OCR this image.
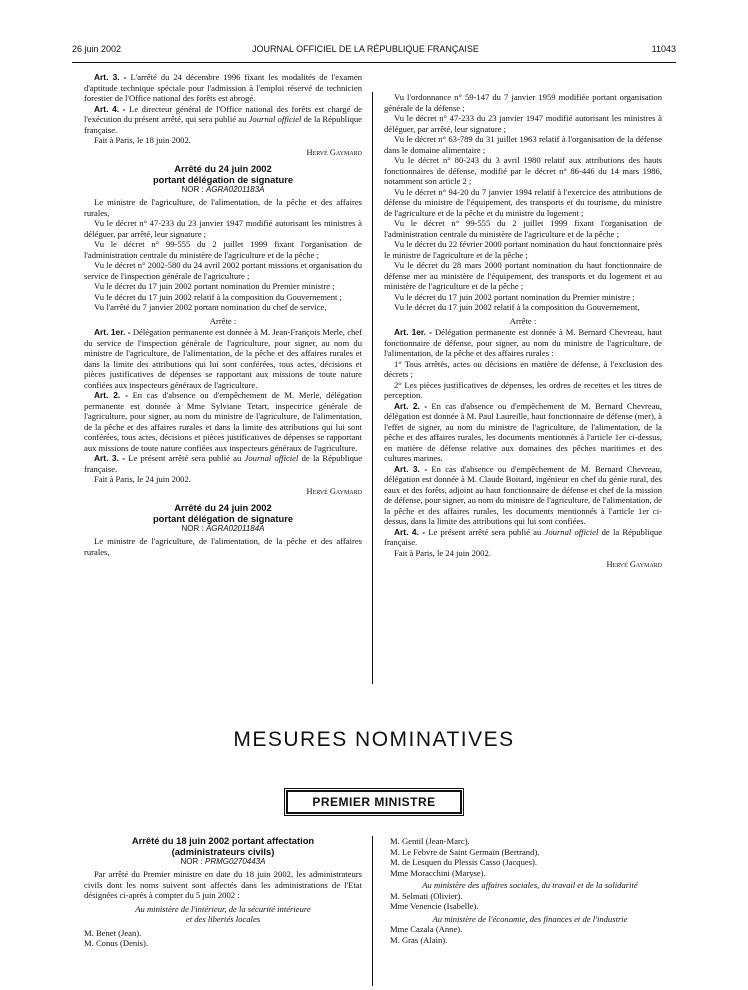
26 juin 2002	JOURNAL OFFICIEL DE LA RÉPUBLIQUE FRANÇAISE	11043

Art. 3. - L'arrêté du 24 décembre 1996 fixant les modalités de l'examen d'aptitude technique spéciale pour l'admission à l'emploi réservé de technicien forestier de l'Office national des forêts est abrogé.

Art. 4. - Le directeur général de l'Office national des forêts est chargé de l'exécution du présent arrêté, qui sera publié au Journal officiel de la République française.

Fait à Paris, le 18 juin 2002.

Hervé Gaymard
Arrêté du 24 juin 2002
portant délégation de signature
NOR : AGRA0201183A

Le ministre de l'agriculture, de l'alimentation, de la pêche et des affaires rurales,

Vu le décret n° 47-233 du 23 janvier 1947 modifié autorisant les ministres à déléguer, par arrêté, leur signature ;

Vu le décret n° 99-555 du 2 juillet 1999 fixant l'organisation de l'administration centrale du ministère de l'agriculture et de la pêche ;

Vu le décret n° 2002-580 du 24 avril 2002 portant missions et organisation du service de l'inspection générale de l'agriculture ;

Vu le décret du 17 juin 2002 portant nomination du Premier ministre ;

Vu le décret du 17 juin 2002 relatif à la composition du Gouvernement ;

Vu l'arrêté du 7 janvier 2002 portant nomination du chef de service,

Arrête :

Art. 1er. - Délégation permanente est donnée à M. Jean-François Merle, chef du service de l'inspection générale de l'agriculture, pour signer, au nom du ministre de l'agriculture, de l'alimentation, de la pêche et des affaires rurales et dans la limite des attributions qui lui sont conférées, tous actes, décisions et pièces justificatives de dépenses se rapportant aux missions de toute nature confiées aux inspecteurs généraux de l'agriculture.

Art. 2. - En cas d'absence ou d'empêchement de M. Merle, délégation permanente est donnée à Mme Sylviane Tetart, inspectrice générale de l'agriculture, pour signer, au nom du ministre de l'agriculture, de l'alimentation, de la pêche et des affaires rurales et dans la limite des attributions qui lui sont conférées, tous actes, décisions et pièces justificatives de dépenses se rapportant aux missions de toute nature confiées aux inspecteurs généraux de l'agriculture.

Art. 3. - Le présent arrêté sera publié au Journal officiel de la République française.

Fait à Paris, le 24 juin 2002.

Hervé Gaymard
Arrêté du 24 juin 2002
portant délégation de signature
NOR : AGRA0201184A

Le ministre de l'agriculture, de l'alimentation, de la pêche et des affaires rurales,

Vu l'ordonnance n° 59-147 du 7 janvier 1959 modifiée portant organisation générale de la défense ;

Vu le décret n° 47-233 du 23 janvier 1947 modifié autorisant les ministres à déléguer, par arrêté, leur signature ;

Vu le décret n° 63-789 du 31 juillet 1963 relatif à l'organisation de la défense dans le domaine alimentaire ;

Vu le décret n° 80-243 du 3 avril 1980 relatif aux attributions des hauts fonctionnaires de défense, modifié par le décret n° 86-446 du 14 mars 1986, notamment son article 2 ;

Vu le décret n° 94-20 du 7 janvier 1994 relatif à l'exercice des attributions de défense du ministre de l'équipement, des transports et du tourisme, du ministre de l'agriculture et de la pêche et du ministre du logement ;

Vu le décret n° 99-555 du 2 juillet 1999 fixant l'organisation de l'administration centrale du ministère de l'agriculture et de la pêche ;

Vu le décret du 22 février 2000 portant nomination du haut fonctionnaire près le ministre de l'agriculture et de la pêche ;

Vu le décret du 28 mars 2000 portant nomination du haut fonctionnaire de défense mer au ministère de l'équipement, des transports et du logement et au ministère de l'agriculture et de la pêche ;

Vu le décret du 17 juin 2002 portant nomination du Premier ministre ;

Vu le décret du 17 juin 2002 relatif à la composition du Gouvernement,

Arrête :

Art. 1er. - Délégation permanente est donnée à M. Bernard Chevreau, haut fonctionnaire de défense, pour signer, au nom du ministre de l'agriculture, de l'alimentation, de la pêche et des affaires rurales :

1° Tous arrêtés, actes ou décisions en matière de défense, à l'exclusion des décrets ;

2° Les pièces justificatives de dépenses, les ordres de recettes et les titres de perception.

Art. 2. - En cas d'absence ou d'empêchement de M. Bernard Chevreau, délégation est donnée à M. Paul Laureille, haut fonctionnaire de défense (mer), à l'effet de signer, au nom du ministre de l'agriculture, de l'alimentation, de la pêche et des affaires rurales, les documents mentionnés à l'article 1er ci-dessus, en matière de défense relative aux domaines des pêches maritimes et des cultures marines.

Art. 3. - En cas d'absence ou d'empêchement de M. Bernard Chevreau, délégation est donnée à M. Claude Boitard, ingénieur en chef du génie rural, des eaux et des forêts, adjoint au haut fonctionnaire de défense et chef de la mission de défense, pour signer, au nom du ministre de l'agriculture, de l'alimentation, de la pêche et des affaires rurales, les documents mentionnés à l'article 1er ci-dessus, dans la limite des attributions qui lui sont confiées.

Art. 4. - Le présent arrêté sera publié au Journal officiel de la République française.

Fait à Paris, le 24 juin 2002.

Hervé Gaymard
MESURES NOMINATIVES
PREMIER MINISTRE
Arrêté du 18 juin 2002 portant affectation
(administrateurs civils)
NOR : PRMG0270443A

Par arrêté du Premier ministre en date du 18 juin 2002, les administrateurs civils dont les noms suivent sont affectés dans les administrations de l'Etat désignées ci-après à compter du 5 juin 2002 :

Au ministère de l'intérieur, de la sécurité intérieure

et des libertés locales

M. Benet (Jean).

M. Conus (Denis).

M. Gentil (Jean-Marc).

M. Le Febvre de Saint Germain (Bertrand).

M. de Lesquen du Plessis Casso (Jacques).

Mme Moracchini (Maryse).

Au ministère des affaires sociales, du travail et de la solidarité

M. Selmati (Olivier).

Mme Venencie (Isabelle).

Au ministère de l'économie, des finances et de l'industrie

Mme Cazala (Anne).

M. Gras (Alain).
